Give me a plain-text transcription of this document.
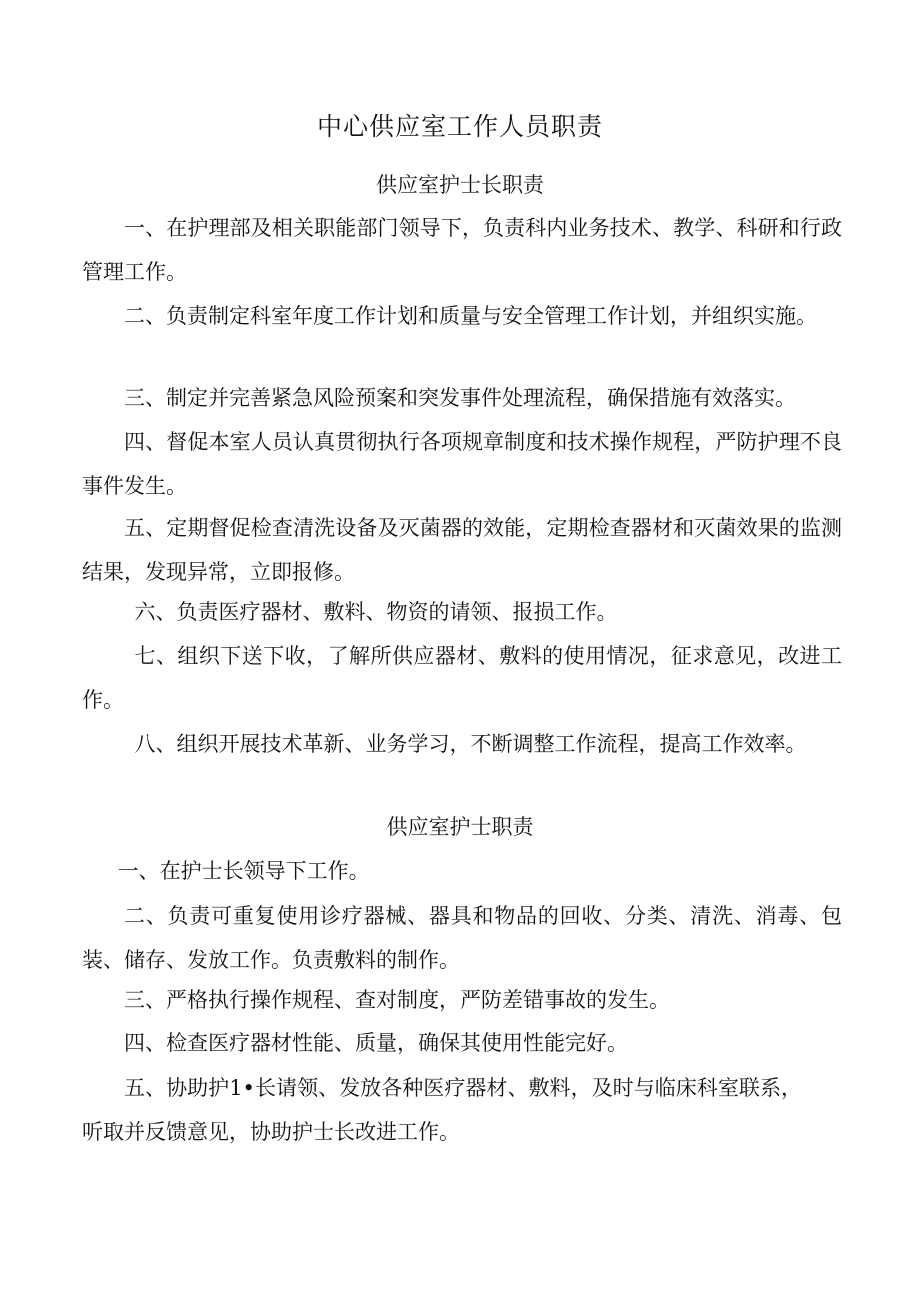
中心供应室工作人员职责
供应室护士长职责
一、在护理部及相关职能部门领导下，负责科内业务技术、教学、科研和行政管理工作。
二、负责制定科室年度工作计划和质量与安全管理工作计划，并组织实施。
三、制定并完善紧急风险预案和突发事件处理流程，确保措施有效落实。
四、督促本室人员认真贯彻执行各项规章制度和技术操作规程，严防护理不良事件发生。
五、定期督促检查清洗设备及灭菌器的效能，定期检查器材和灭菌效果的监测结果，发现异常，立即报修。
六、负责医疗器材、敷料、物资的请领、报损工作。
七、组织下送下收，了解所供应器材、敷料的使用情况，征求意见，改进工作。
八、组织开展技术革新、业务学习，不断调整工作流程，提高工作效率。
供应室护士职责
一、在护士长领导下工作。
二、负责可重复使用诊疗器械、器具和物品的回收、分类、清洗、消毒、包装、储存、发放工作。负责敷料的制作。
三、严格执行操作规程、查对制度，严防差错事故的发生。
四、检查医疗器材性能、质量，确保其使用性能完好。
五、协助护1•长请领、发放各种医疗器材、敷料，及时与临床科室联系，听取并反馈意见，协助护士长改进工作。
